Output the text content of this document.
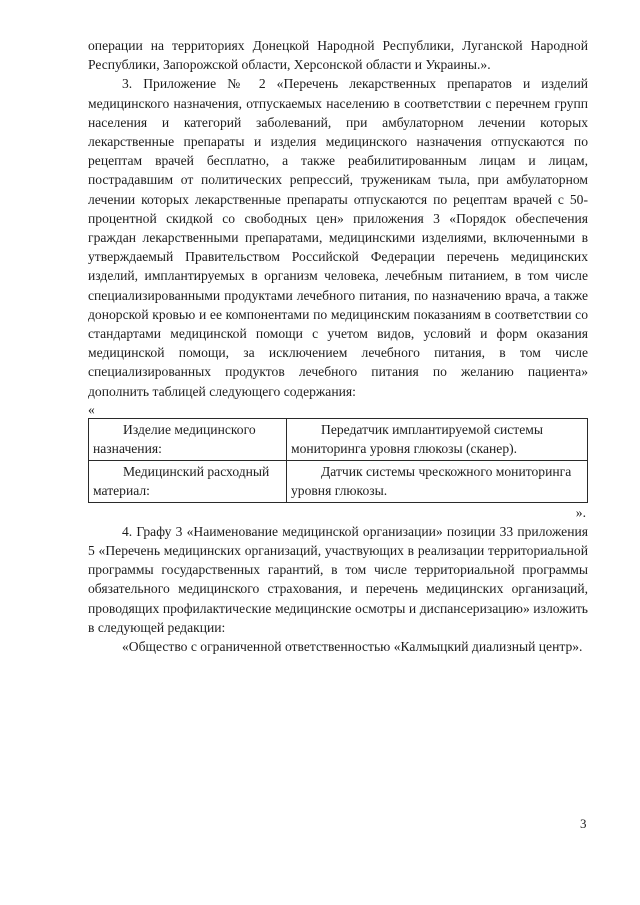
операции на территориях Донецкой Народной Республики, Луганской Народной Республики, Запорожской области, Херсонской области и Украины.».

3. Приложение № 2 «Перечень лекарственных препаратов и изделий медицинского назначения, отпускаемых населению в соответствии с перечнем групп населения и категорий заболеваний, при амбулаторном лечении которых лекарственные препараты и изделия медицинского назначения отпускаются по рецептам врачей бесплатно, а также реабилитированным лицам и лицам, пострадавшим от политических репрессий, труженикам тыла, при амбулаторном лечении которых лекарственные препараты отпускаются по рецептам врачей с 50-процентной скидкой со свободных цен» приложения 3 «Порядок обеспечения граждан лекарственными препаратами, медицинскими изделиями, включенными в утверждаемый Правительством Российской Федерации перечень медицинских изделий, имплантируемых в организм человека, лечебным питанием, в том числе специализированными продуктами лечебного питания, по назначению врача, а также донорской кровью и ее компонентами по медицинским показаниям в соответствии со стандартами медицинской помощи с учетом видов, условий и форм оказания медицинской помощи, за исключением лечебного питания, в том числе специализированных продуктов лечебного питания по желанию пациента» дополнить таблицей следующего содержания:

«

Изделие медицинского назначения:	Передатчик имплантируемой системы мониторинга уровня глюкозы (сканер).

Медицинский расходный материал:	Датчик системы чрескожного мониторинга уровня глюкозы.

».

4. Графу 3 «Наименование медицинской организации» позиции 33 приложения 5 «Перечень медицинских организаций, участвующих в реализации территориальной программы государственных гарантий, в том числе территориальной программы обязательного медицинского страхования, и перечень медицинских организаций, проводящих профилактические медицинские осмотры и диспансеризацию» изложить в следующей редакции:

«Общество с ограниченной ответственностью «Калмыцкий диализный центр».

3
